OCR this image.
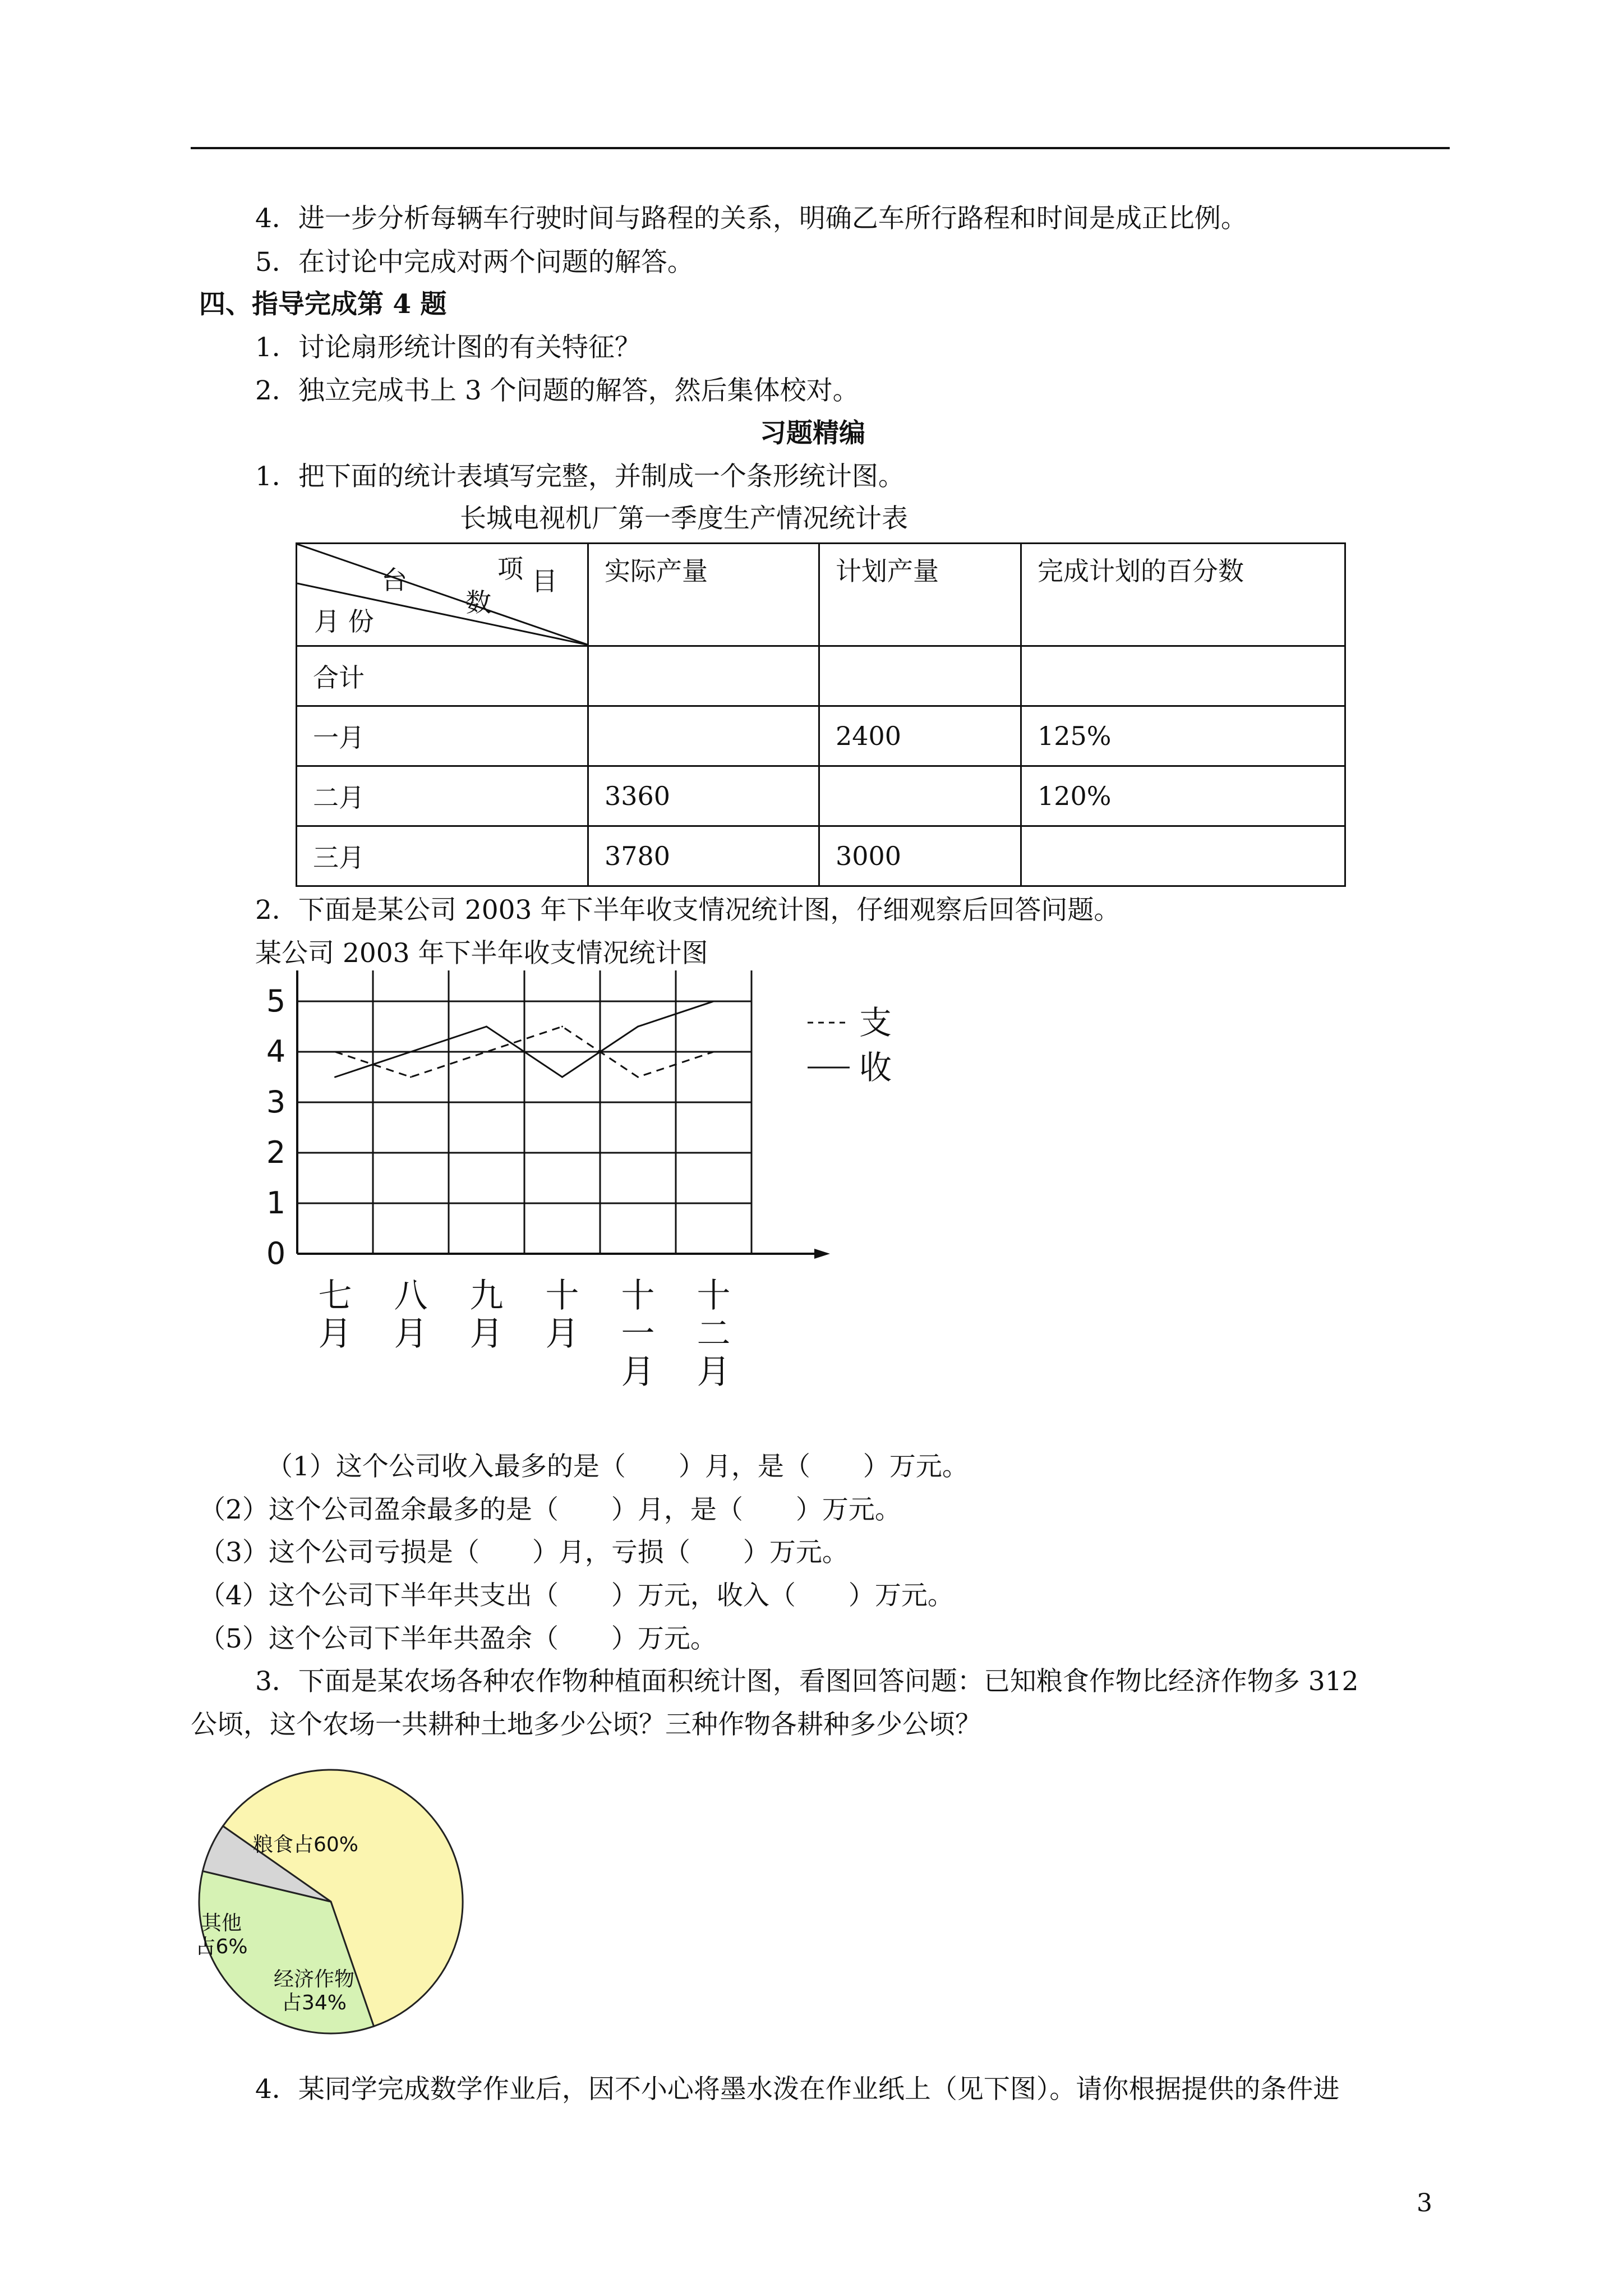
4．进一步分析每辆车行驶时间与路程的关系，明确乙车所行路程和时间是成正比例。
5．在讨论中完成对两个问题的解答。
四、指导完成第 4 题
1．讨论扇形统计图的有关特征？
2．独立完成书上 3 个问题的解答，然后集体校对。
习题精编
1．把下面的统计表填写完整，并制成一个条形统计图。
长城电视机厂第一季度生产情况统计表
项 目
台
数
月 份	实际产量	计划产量	完成计划的百分数
合计			
一月		2400	125%
二月	3360		120%
三月	3780	3000	
2．下面是某公司 2003 年下半年收支情况统计图，仔细观察后回答问题。
某公司 2003 年下半年收支情况统计图
0
1
2
3
4
5
七
月
八
月
九
月
十
月
十
一
月
十
二
月
支
收
（1）这个公司收入最多的是（　　）月，是（　　）万元。
（2）这个公司盈余最多的是（　　）月，是（　　）万元。
（3）这个公司亏损是（　　）月，亏损（　　）万元。
（4）这个公司下半年共支出（　　）万元，收入（　　）万元。
（5）这个公司下半年共盈余（　　）万元。
3．下面是某农场各种农作物种植面积统计图，看图回答问题：已知粮食作物比经济作物多 312
公顷，这个农场一共耕种土地多少公顷？三种作物各耕种多少公顷？
粮食占60%
经济作物
占34%
其他
占6%
4．某同学完成数学作业后，因不小心将墨水泼在作业纸上（见下图）。请你根据提供的条件进
3
